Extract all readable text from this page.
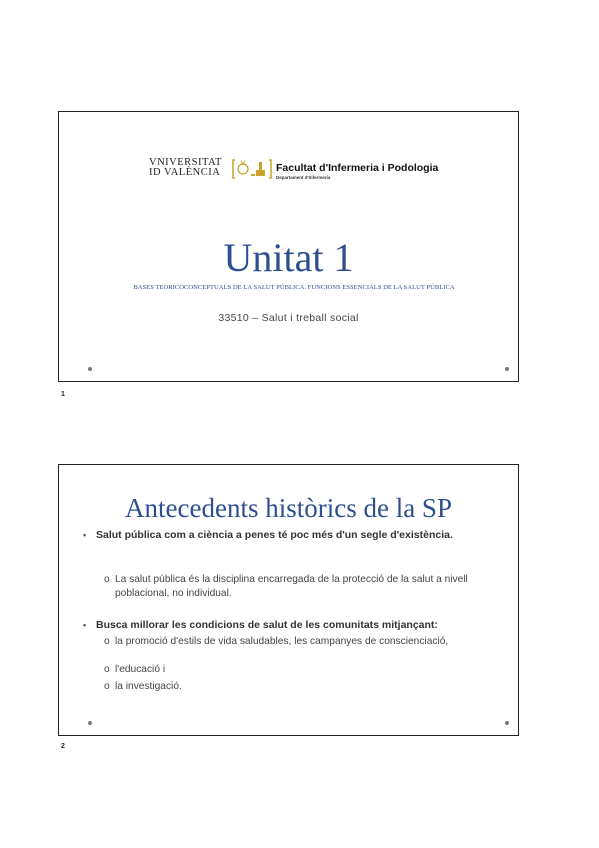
VNIVERSITAT
ID VALÈNCIA	Facultat d'Infermeria i Podologia
Departament d'Infermeria
Unitat 1
BASES TEORICOCONCEPTUALS DE LA SALUT PÚBLICA. FUNCIONS ESSENCIALS DE LA SALUT PÚBLICA
33510 – Salut i treball social
1
Antecedents històrics de la SP
• Salut pública com a ciència a penes té poc més d'un segle d'existència.
o La salut pública és la disciplina encarregada de la protecció de la salut a nivell poblacional, no individual.
• Busca millorar les condicions de salut de les comunitats mitjançant:
o la promoció d'estils de vida saludables, les campanyes de conscienciació,
o l'educació i
o la investigació.
2
